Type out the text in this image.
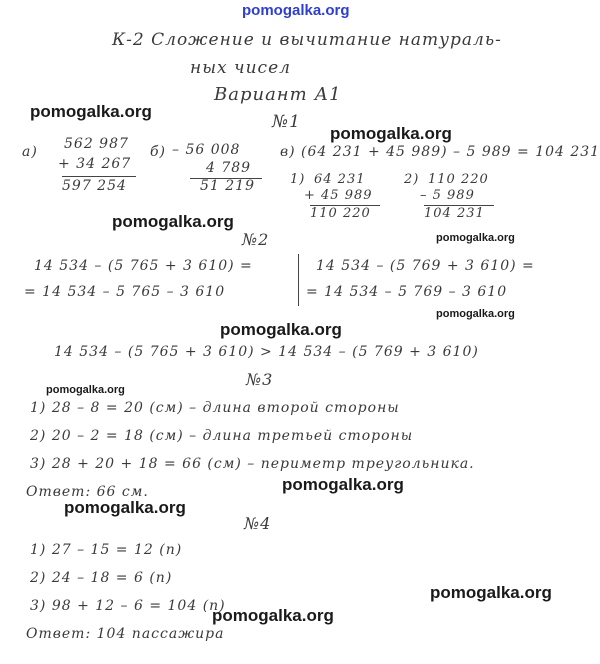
pomogalka.org
pomogalka.org
pomogalka.org
pomogalka.org
pomogalka.org
pomogalka.org
pomogalka.org
pomogalka.org
pomogalka.org
pomogalka.org
pomogalka.org
pomogalka.org
К-2 Сложение и вычитание натураль-
ных чисел
Вариант А1
№1
а) 562 987
+ 34 267
597 254
б) – 56 008
4 789
51 219
в) (64 231 + 45 989) – 5 989 = 104 231
1) 64 231
+ 45 989
110 220
2) 110 220
– 5 989
104 231
№2
14 534 – (5 765 + 3 610) =
= 14 534 – 5 765 – 3 610
14 534 – (5 769 + 3 610) =
= 14 534 – 5 769 – 3 610
14 534 – (5 765 + 3 610) > 14 534 – (5 769 + 3 610)
№3
1) 28 – 8 = 20 (см) – длина второй стороны
2) 20 – 2 = 18 (см) – длина третьей стороны
3) 28 + 20 + 18 = 66 (см) – периметр треугольника.
Ответ: 66 см.
№4
1) 27 – 15 = 12 (п)
2) 24 – 18 = 6 (п)
3) 98 + 12 – 6 = 104 (п)
Ответ: 104 пассажира
